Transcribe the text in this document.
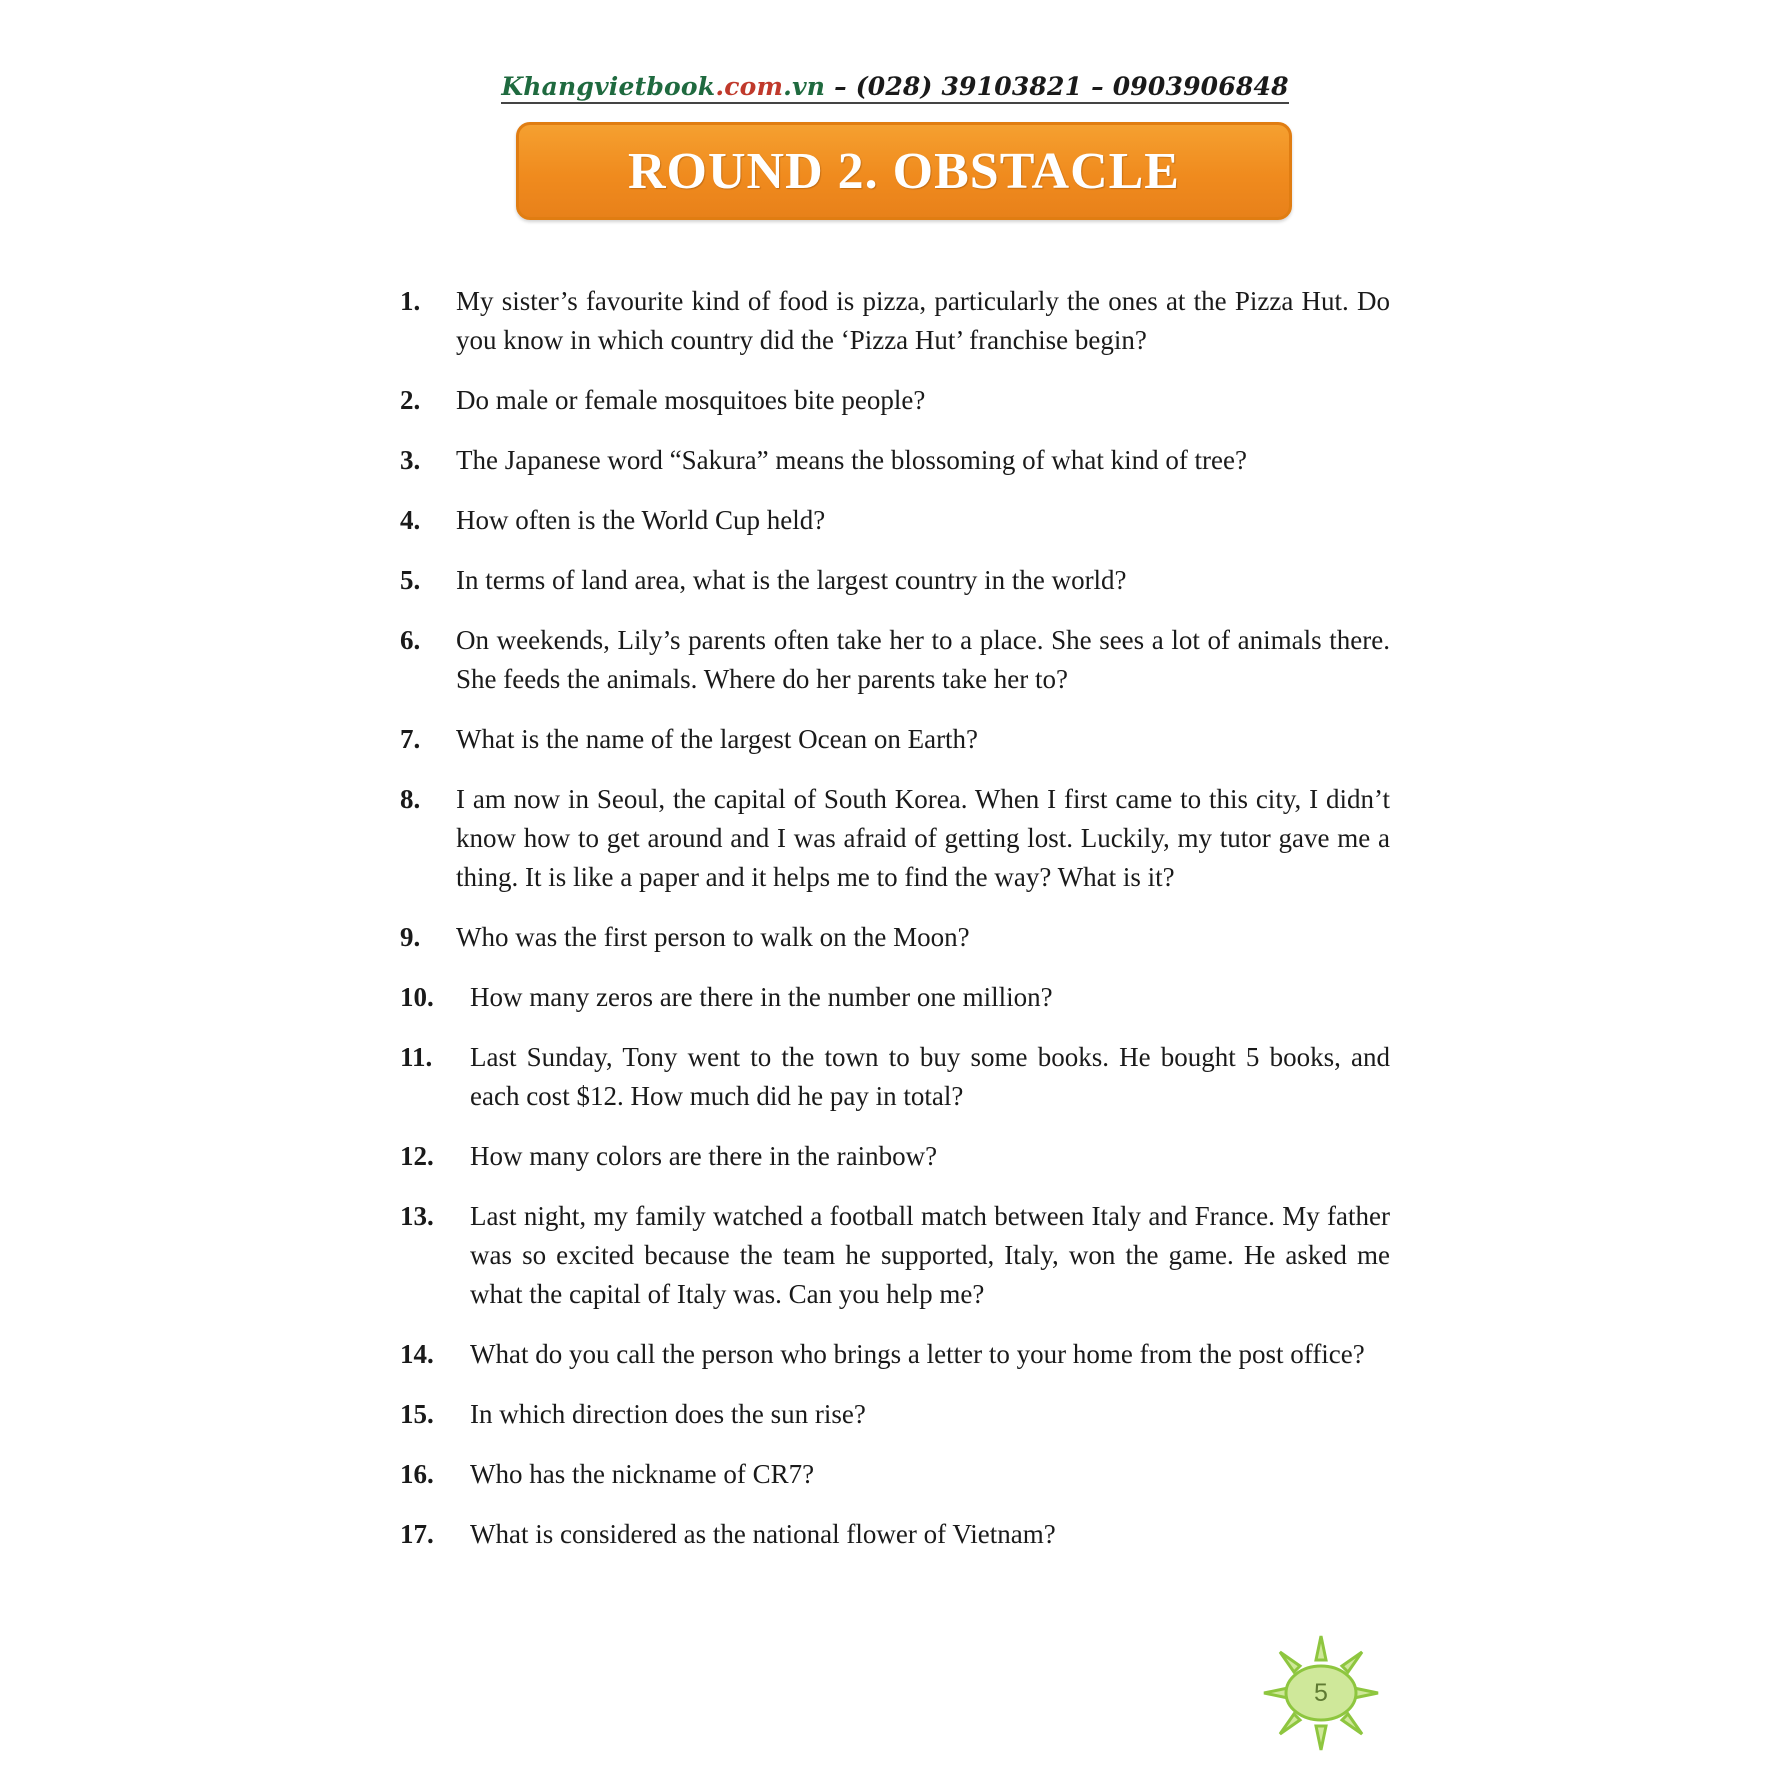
Khangvietbook.com.vn – (028) 39103821 – 0903906848
ROUND 2. OBSTACLE
1.	My sister’s favourite kind of food is pizza, particularly the ones at the Pizza Hut. Do you know in which country did the ‘Pizza Hut’ franchise begin?
2.	Do male or female mosquitoes bite people?
3.	The Japanese word “Sakura” means the blossoming of what kind of tree?
4.	How often is the World Cup held?
5.	In terms of land area, what is the largest country in the world?
6.	On weekends, Lily’s parents often take her to a place. She sees a lot of animals there. She feeds the animals. Where do her parents take her to?
7.	What is the name of the largest Ocean on Earth?
8.	I am now in Seoul, the capital of South Korea. When I first came to this city, I didn’t know how to get around and I was afraid of getting lost. Luckily, my tutor gave me a thing. It is like a paper and it helps me to find the way? What is it?
9.	Who was the first person to walk on the Moon?
10.	How many zeros are there in the number one million?
11.	Last Sunday, Tony went to the town to buy some books. He bought 5 books, and each cost $12. How much did he pay in total?
12.	How many colors are there in the rainbow?
13.	Last night, my family watched a football match between Italy and France. My father was so excited because the team he supported, Italy, won the game. He asked me what the capital of Italy was. Can you help me?
14.	What do you call the person who brings a letter to your home from the post office?
15.	In which direction does the sun rise?
16.	Who has the nickname of CR7?
17.	What is considered as the national flower of Vietnam?
5
